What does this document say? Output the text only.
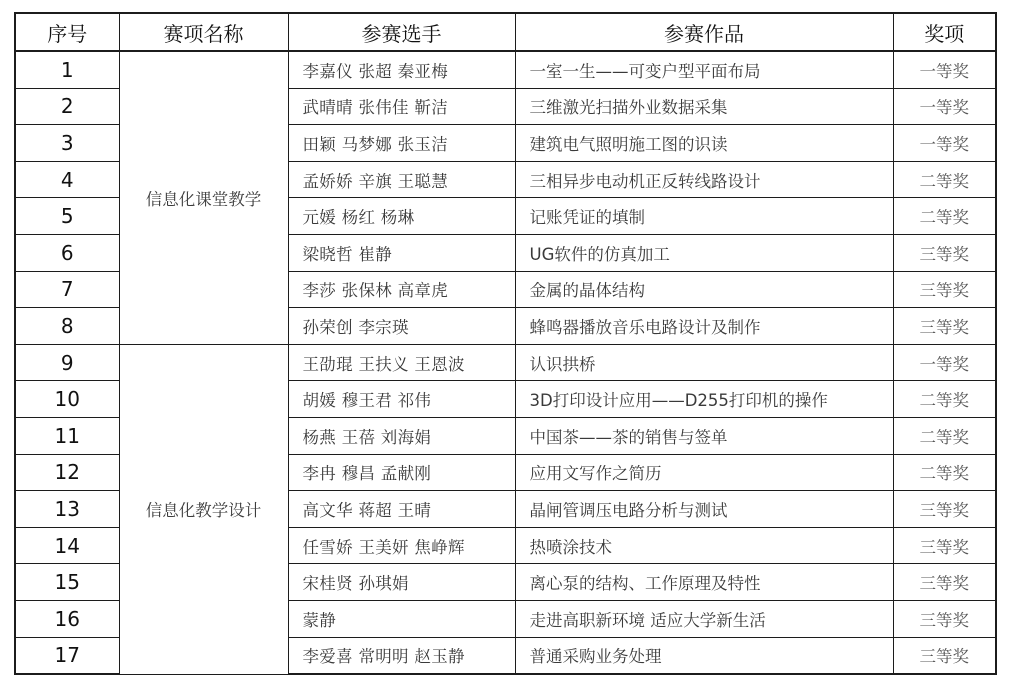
序号	赛项名称	参赛选手	参赛作品	奖项
1	信息化课堂教学	李嘉仪 张超 秦亚梅	一室一生——可变户型平面布局	一等奖
2		武晴晴 张伟佳 靳洁	三维激光扫描外业数据采集	一等奖
3		田颖 马梦娜 张玉洁	建筑电气照明施工图的识读	一等奖
4		孟娇娇 辛旗 王聪慧	三相异步电动机正反转线路设计	二等奖
5		元媛 杨红 杨琳	记账凭证的填制	二等奖
6		梁晓哲 崔静	UG软件的仿真加工	三等奖
7		李莎 张保林 高章虎	金属的晶体结构	三等奖
8		孙荣创 李宗瑛	蜂鸣器播放音乐电路设计及制作	三等奖
9	信息化教学设计	王劭琨 王扶义 王恩波	认识拱桥	一等奖
10		胡媛 穆王君 祁伟	3D打印设计应用——D255打印机的操作	二等奖
11		杨燕 王蓓 刘海娟	中国茶——茶的销售与签单	二等奖
12		李冉 穆昌 孟献刚	应用文写作之简历	二等奖
13		高文华 蒋超 王晴	晶闸管调压电路分析与测试	三等奖
14		任雪娇 王美妍 焦峥辉	热喷涂技术	三等奖
15		宋桂贤 孙琪娟	离心泵的结构、工作原理及特性	三等奖
16		蒙静	走进高职新环境 适应大学新生活	三等奖
17		李爱喜 常明明 赵玉静	普通采购业务处理	三等奖
